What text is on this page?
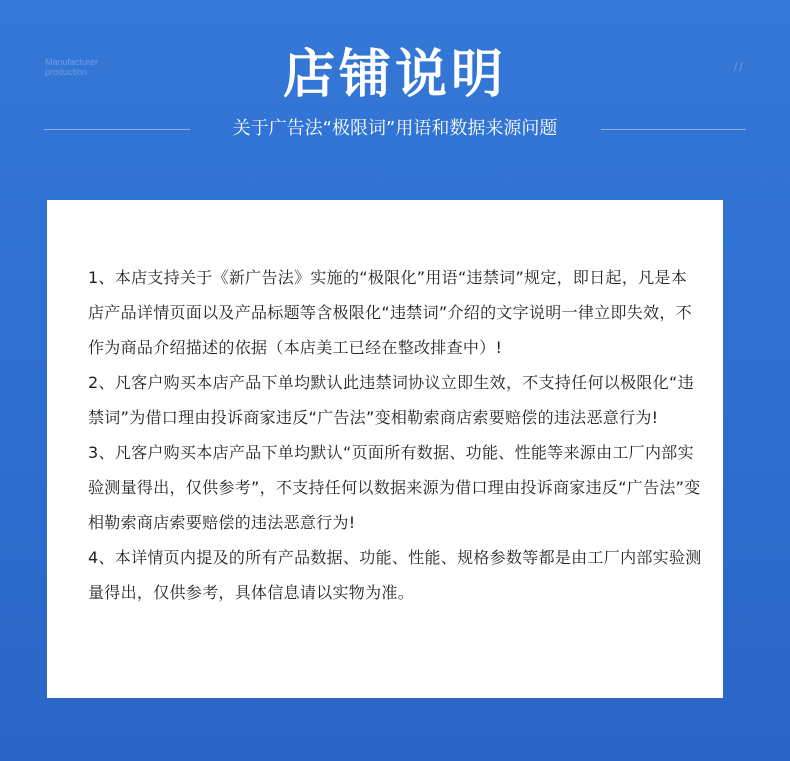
Manufacturer
production	//
店铺说明
关于广告法“极限词”用语和数据来源问题

1、本店支持关于《新广告法》实施的“极限化”用语“违禁词”规定，即日起，凡是本店产品详情页面以及产品标题等含极限化“违禁词”介绍的文字说明一律立即失效，不作为商品介绍描述的依据（本店美工已经在整改排查中）!

2、凡客户购买本店产品下单均默认此违禁词协议立即生效，不支持任何以极限化“违禁词”为借口理由投诉商家违反“广告法”变相勒索商店索要赔偿的违法恶意行为!

3、凡客户购买本店产品下单均默认“页面所有数据、功能、性能等来源由工厂内部实验测量得出，仅供参考”，不支持任何以数据来源为借口理由投诉商家违反“广告法”变相勒索商店索要赔偿的违法恶意行为!

4、本详情页内提及的所有产品数据、功能、性能、规格参数等都是由工厂内部实验测量得出，仅供参考，具体信息请以实物为准。
